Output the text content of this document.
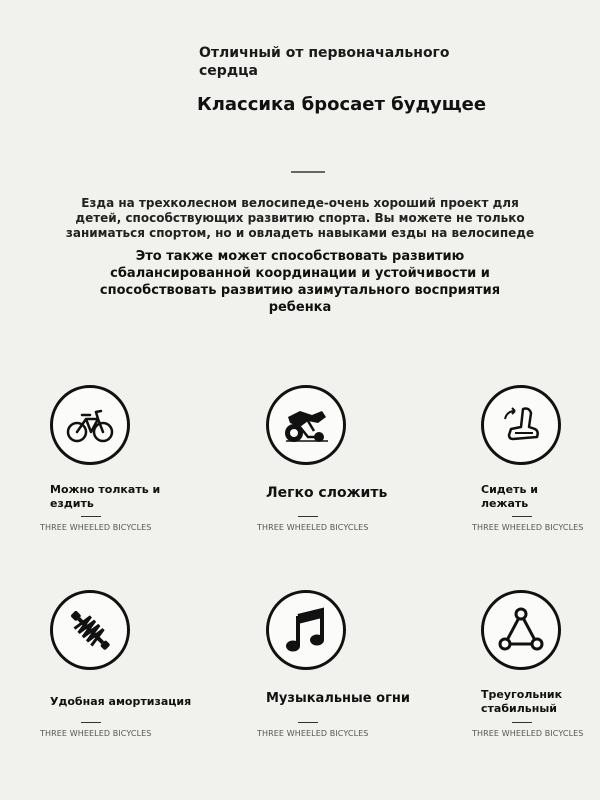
Отличный от первоначального сердца
Классика бросает будущее
Езда на трехколесном велосипеде-очень хороший проект для детей, способствующих развитию спорта. Вы можете не только заниматься спортом, но и овладеть навыками езды на велосипеде
Это также может способствовать развитию сбалансированной координации и устойчивости и способствовать развитию азимутального восприятия ребенка
Можно толкать и ездить
THREE WHEELED BICYCLES
Легко сложить
THREE WHEELED BICYCLES
Сидеть и лежать
THREE WHEELED BICYCLES
Удобная амортизация
THREE WHEELED BICYCLES
Музыкальные огни
THREE WHEELED BICYCLES
Треугольник стабильный
THREE WHEELED BICYCLES
